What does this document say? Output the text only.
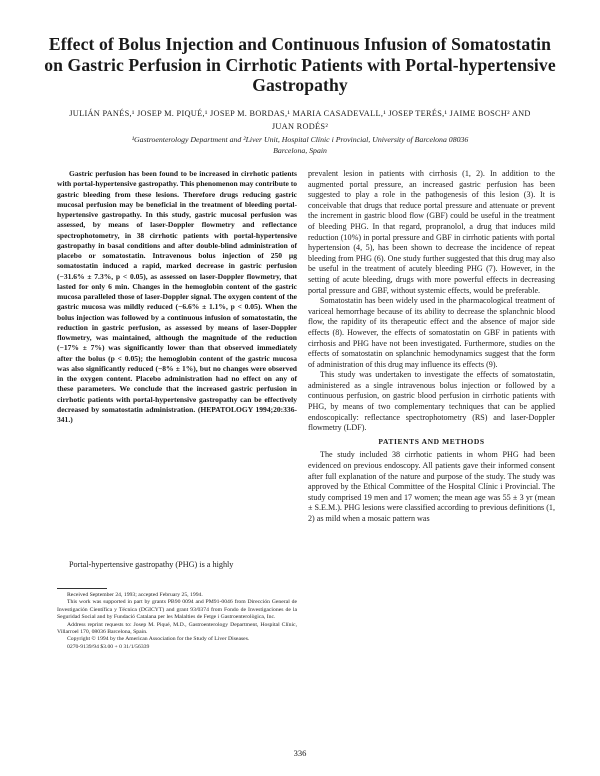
Effect of Bolus Injection and Continuous Infusion of Somatostatin on Gastric Perfusion in Cirrhotic Patients with Portal-hypertensive Gastropathy
JULIÁN PANÉS,¹ JOSEP M. PIQUÉ,¹ JOSEP M. BORDAS,¹ MARIA CASADEVALL,¹ JOSEP TERÉS,¹ JAIME BOSCH² AND
JUAN RODÉS²
¹Gastroenterology Department and ²Liver Unit, Hospital Clínic i Provincial, University of Barcelona 08036
Barcelona, Spain

Gastric perfusion has been found to be increased in cirrhotic patients with portal-hypertensive gastropathy. This phenomenon may contribute to gastric bleeding from these lesions. Therefore drugs reducing gastric mucosal perfusion may be beneficial in the treatment of bleeding portal-hypertensive gastropathy. In this study, gastric mucosal perfusion was assessed, by means of laser-Doppler flowmetry and reflectance spectrophotometry, in 38 cirrhotic patients with portal-hypertensive gastropathy in basal conditions and after double-blind administration of placebo or somatostatin. Intravenous bolus injection of 250 μg somatostatin induced a rapid, marked decrease in gastric perfusion (−31.6% ± 7.3%, p < 0.05), as assessed on laser-Doppler flowmetry, that lasted for only 6 min. Changes in the hemoglobin content of the gastric mucosa paralleled those of laser-Doppler signal. The oxygen content of the gastric mucosa was mildly reduced (−6.6% ± 1.1%, p < 0.05). When the bolus injection was followed by a continuous infusion of somatostatin, the reduction in gastric perfusion, as assessed by means of laser-Doppler flowmetry, was maintained, although the magnitude of the reduction (−17% ± 7%) was significantly lower than that observed immediately after the bolus (p < 0.05); the hemoglobin content of the gastric mucosa was also significantly reduced (−8% ± 1%), but no changes were observed in the oxygen content. Placebo administration had no effect on any of these parameters. We conclude that the increased gastric perfusion in cirrhotic patients with portal-hypertensive gastropathy can be effectively decreased by somatostatin administration. (HEPATOLOGY 1994;20:336-341.)

Portal-hypertensive gastropathy (PHG) is a highly

Received September 24, 1993; accepted February 25, 1994.

This work was supported in part by grants PB90 0094 and PM91-0046 from Dirección General de Investigación Científica y Técnica (DGICYT) and grant 93/0374 from Fondo de Investigaciones de la Seguridad Social and by Fundació Catalana per les Malalties de Fetge i Gastroenterològica, Inc.

Address reprint requests to: Josep M. Piqué, M.D., Gastroenterology Department, Hospital Clínic, Villarroel 170, 08036 Barcelona, Spain.

Copyright © 1994 by the American Association for the Study of Liver Diseases.

0270-9139/94 $3.00 + 0 31/1/56339

prevalent lesion in patients with cirrhosis (1, 2). In addition to the augmented portal pressure, an increased gastric perfusion has been suggested to play a role in the pathogenesis of this lesion (3). It is conceivable that drugs that reduce portal pressure and attenuate or prevent the increment in gastric blood flow (GBF) could be useful in the treatment of bleeding PHG. In that regard, propranolol, a drug that induces mild reduction (10%) in portal pressure and GBF in cirrhotic patients with portal hypertension (4, 5), has been shown to decrease the incidence of repeat bleeding from PHG (6). One study further suggested that this drug may also be useful in the treatment of acutely bleeding PHG (7). However, in the setting of acute bleeding, drugs with more powerful effects in decreasing portal pressure and GBF, without systemic effects, would be preferable.

Somatostatin has been widely used in the pharmacological treatment of variceal hemorrhage because of its ability to decrease the splanchnic blood flow, the rapidity of its therapeutic effect and the absence of major side effects (8). However, the effects of somatostatin on GBF in patients with cirrhosis and PHG have not been investigated. Furthermore, studies on the effects of somatostatin on splanchnic hemodynamics suggest that the form of administration of this drug may influence its effects (9).

This study was undertaken to investigate the effects of somatostatin, administered as a single intravenous bolus injection or followed by a continuous perfusion, on gastric blood perfusion in cirrhotic patients with PHG, by means of two complementary techniques that can be applied endoscopically: reflectance spectrophotometry (RS) and laser-Doppler flowmetry (LDF).

PATIENTS AND METHODS

The study included 38 cirrhotic patients in whom PHG had been evidenced on previous endoscopy. All patients gave their informed consent after full explanation of the nature and purpose of the study. The study was approved by the Ethical Committee of the Hospital Clínic i Provincial. The study comprised 19 men and 17 women; the mean age was 55 ± 3 yr (mean ± S.E.M.). PHG lesions were classified according to previous definitions (1, 2) as mild when a mosaic pattern was

336
